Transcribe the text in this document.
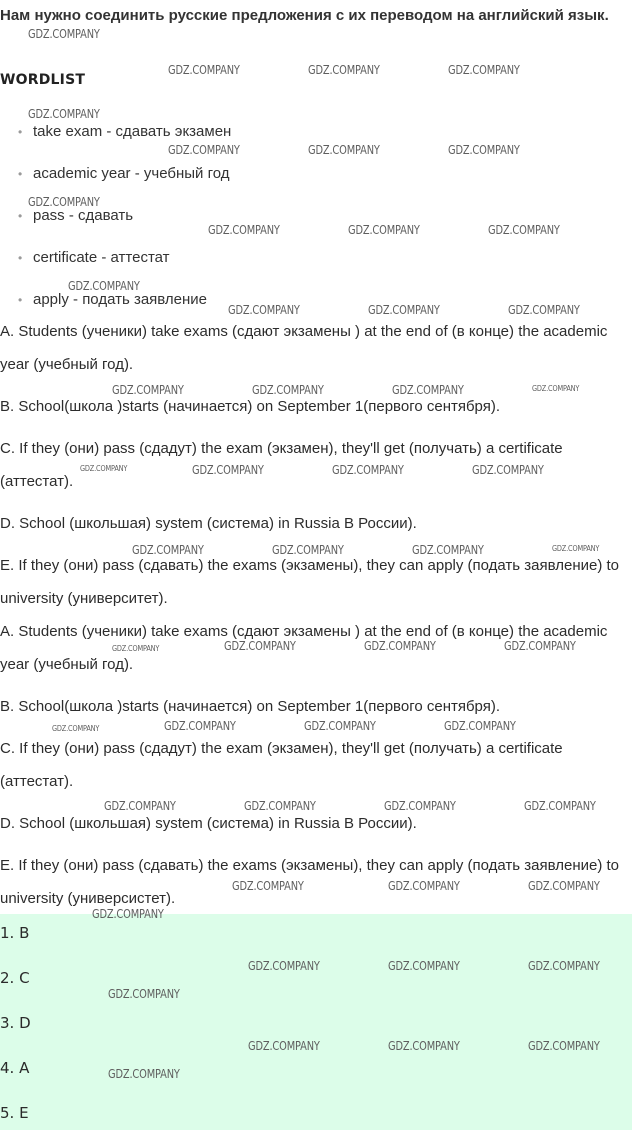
Нам нужно соединить русские предложения с их переводом на английский язык.
WORDLIST
• take exam - сдавать экзамен
• academic year - учебный год
• pass - сдавать
• certificate - аттестат
• apply - подать заявление
A. Students (ученики) take exams (сдают экзамены ) at the end of (в конце) the academic year (учебный год).
B. School(школа )starts (начинается) on September 1(первого сентября).
C. If they (они) pass (сдадут) the exam (экзамен), they'll get (получать) a certificate (аттестат).
D. School (школьшая) system (система) in Russia В России).
E. If they (они) pass (сдавать) the exams (экзамены), they can apply (подать заявление) to university (университет).
A. Students (ученики) take exams (сдают экзамены ) at the end of (в конце) the academic year (учебный год).
B. School(школа )starts (начинается) on September 1(первого сентября).
C. If they (они) pass (сдадут) the exam (экзамен), they'll get (получать) a certificate (аттестат).
D. School (школьшая) system (система) in Russia В России).
E. If they (они) pass (сдавать) the exams (экзамены), they can apply (подать заявление) to university (универсистет).
1. B
2. C
3. D
4. A
5. E
GDZ.COMPANY
GDZ.COMPANY	GDZ.COMPANY	GDZ.COMPANY
GDZ.COMPANY
GDZ.COMPANY	GDZ.COMPANY	GDZ.COMPANY
GDZ.COMPANY
GDZ.COMPANY	GDZ.COMPANY	GDZ.COMPANY
GDZ.COMPANY
GDZ.COMPANY	GDZ.COMPANY	GDZ.COMPANY
GDZ.COMPANY	GDZ.COMPANY	GDZ.COMPANY	GDZ.COMPANY
GDZ.COMPANY	GDZ.COMPANY	GDZ.COMPANY	GDZ.COMPANY
GDZ.COMPANY	GDZ.COMPANY	GDZ.COMPANY	GDZ.COMPANY
GDZ.COMPANY	GDZ.COMPANY	GDZ.COMPANY	GDZ.COMPANY
GDZ.COMPANY	GDZ.COMPANY	GDZ.COMPANY	GDZ.COMPANY
GDZ.COMPANY	GDZ.COMPANY	GDZ.COMPANY	GDZ.COMPANY
GDZ.COMPANY	GDZ.COMPANY	GDZ.COMPANY
GDZ.COMPANY
GDZ.COMPANY	GDZ.COMPANY	GDZ.COMPANY
GDZ.COMPANY
GDZ.COMPANY	GDZ.COMPANY	GDZ.COMPANY
GDZ.COMPANY
